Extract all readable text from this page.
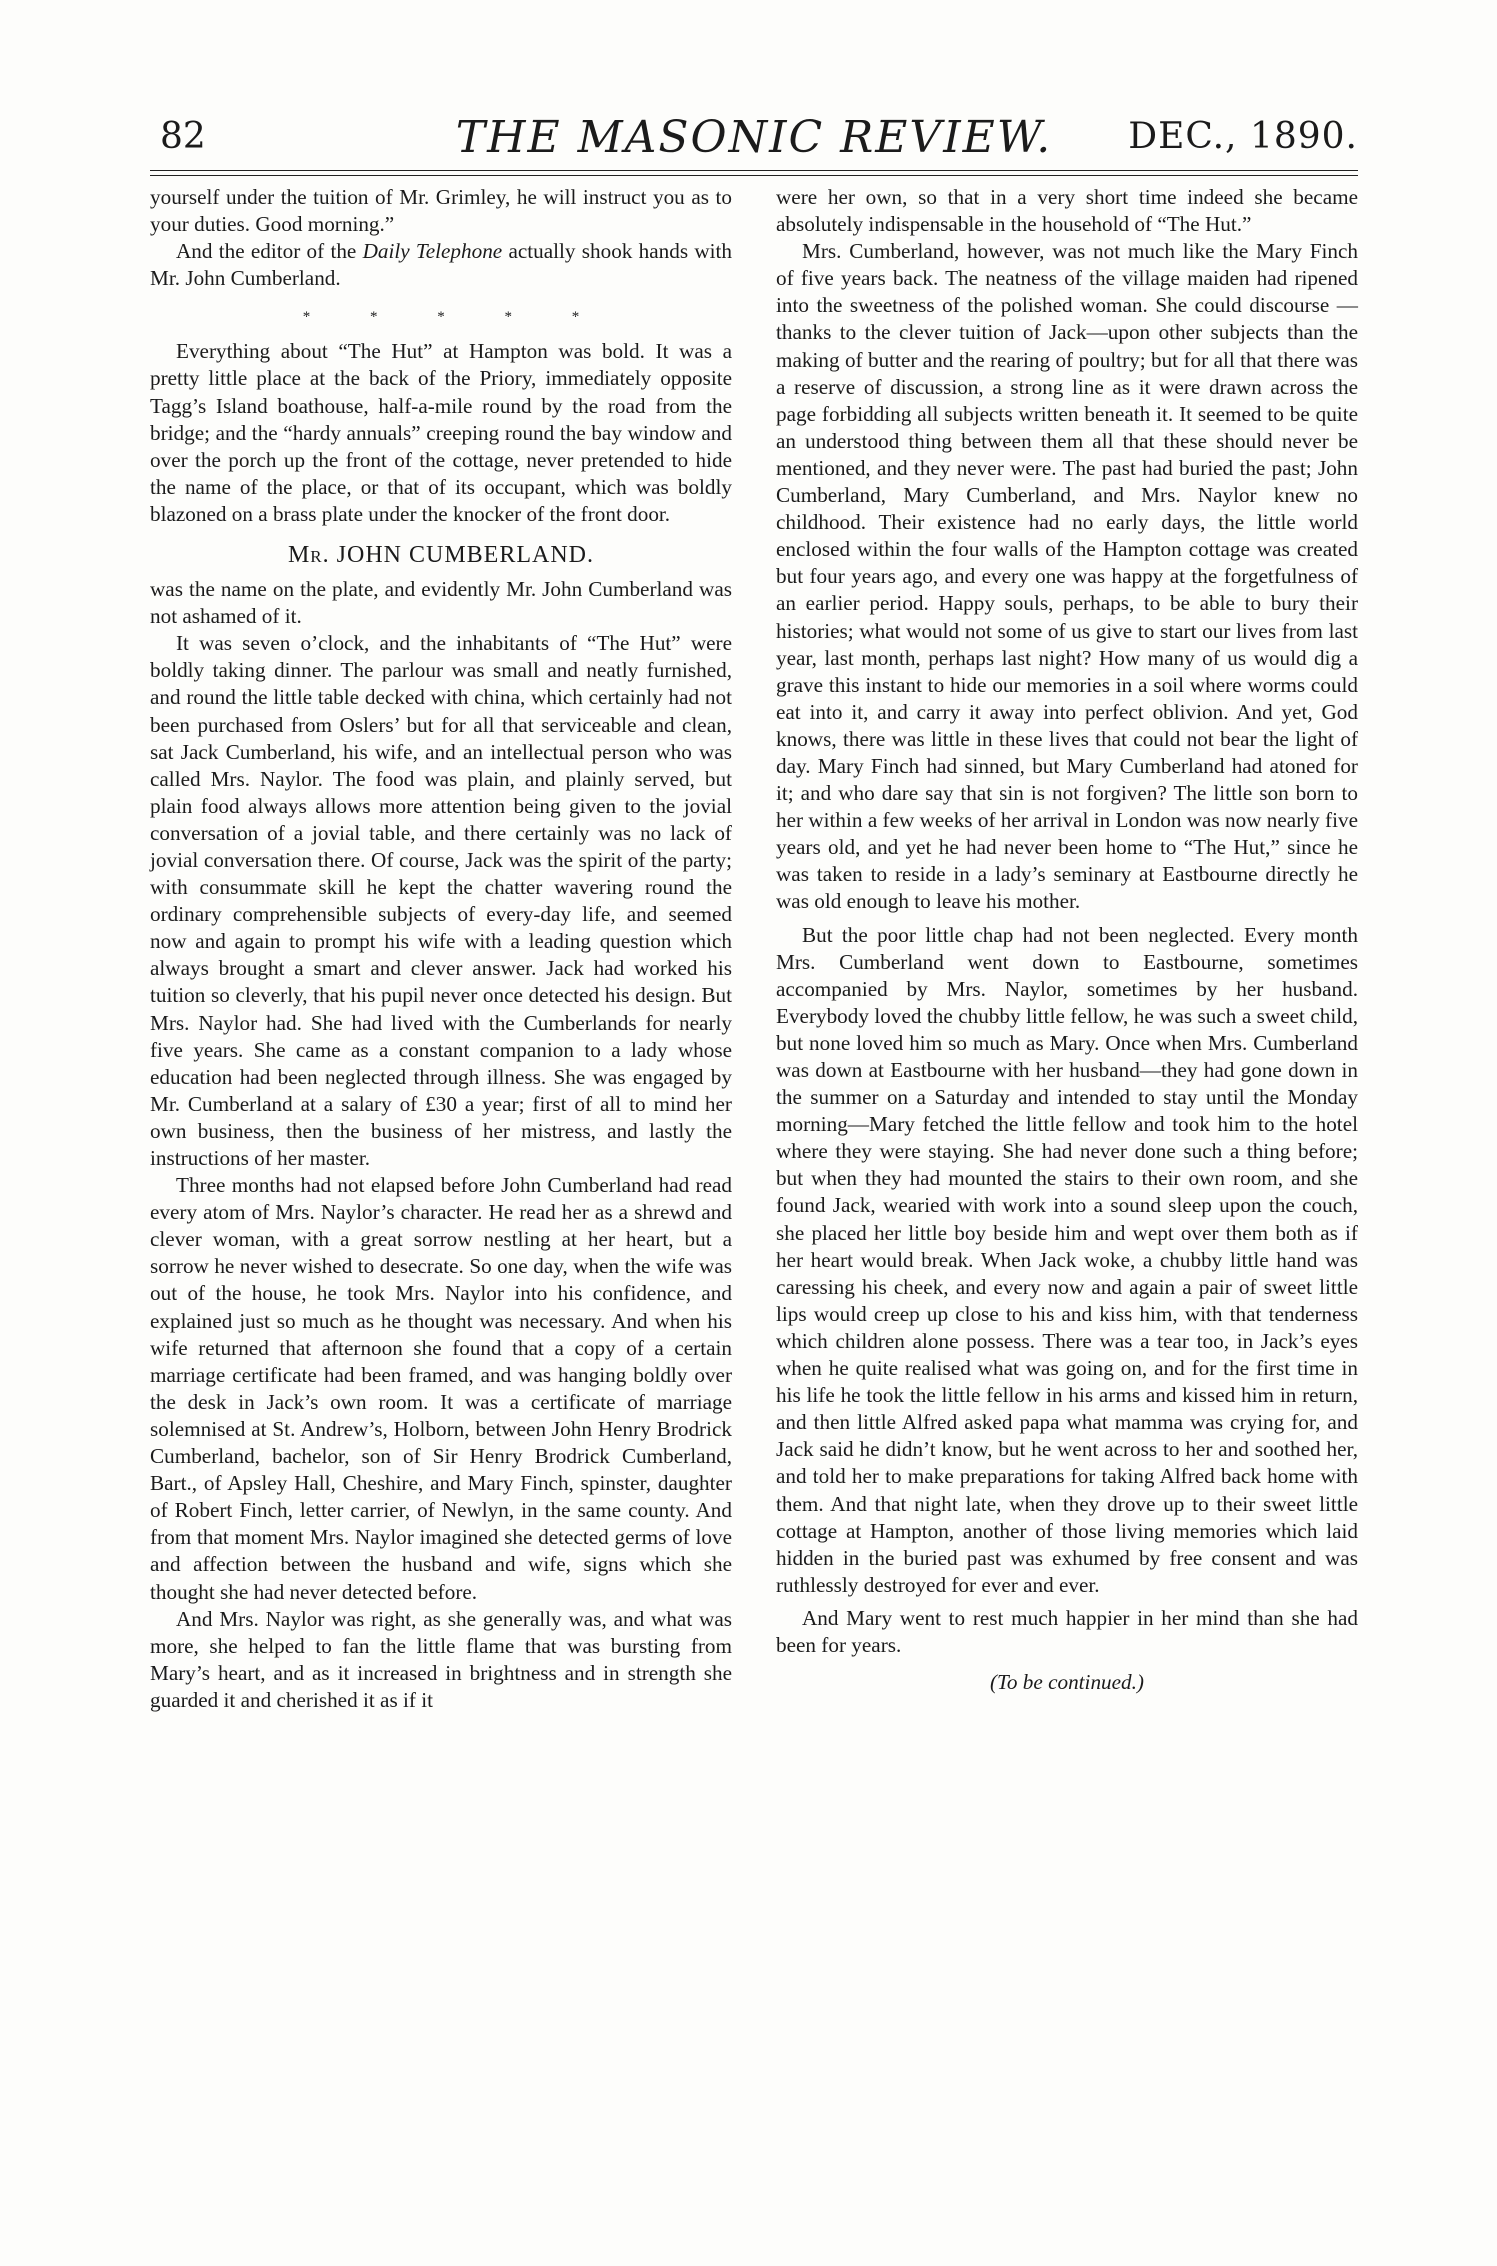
82	THE MASONIC REVIEW.	DEC., 1890.

yourself under the tuition of Mr. Grimley, he will instruct you as to your duties. Good morning.”

And the editor of the Daily Telephone actually shook hands with Mr. John Cumberland.

* * * * *

Everything about “The Hut” at Hampton was bold. It was a pretty little place at the back of the Priory, immediately opposite Tagg’s Island boathouse, half-a-mile round by the road from the bridge; and the “hardy annuals” creeping round the bay window and over the porch up the front of the cottage, never pretended to hide the name of the place, or that of its occupant, which was boldly blazoned on a brass plate under the knocker of the front door.

Mr. JOHN CUMBERLAND.

was the name on the plate, and evidently Mr. John Cumberland was not ashamed of it.

It was seven o’clock, and the inhabitants of “The Hut” were boldly taking dinner. The parlour was small and neatly furnished, and round the little table decked with china, which certainly had not been purchased from Oslers’ but for all that serviceable and clean, sat Jack Cumberland, his wife, and an intellectual person who was called Mrs. Naylor. The food was plain, and plainly served, but plain food always allows more attention being given to the jovial conversation of a jovial table, and there certainly was no lack of jovial conversation there. Of course, Jack was the spirit of the party; with consummate skill he kept the chatter wavering round the ordinary comprehensible subjects of every-day life, and seemed now and again to prompt his wife with a leading question which always brought a smart and clever answer. Jack had worked his tuition so cleverly, that his pupil never once detected his design. But Mrs. Naylor had. She had lived with the Cumberlands for nearly five years. She came as a constant companion to a lady whose education had been neglected through illness. She was engaged by Mr. Cumberland at a salary of £30 a year; first of all to mind her own business, then the business of her mistress, and lastly the instructions of her master.

Three months had not elapsed before John Cumberland had read every atom of Mrs. Naylor’s character. He read her as a shrewd and clever woman, with a great sorrow nestling at her heart, but a sorrow he never wished to desecrate. So one day, when the wife was out of the house, he took Mrs. Naylor into his confidence, and explained just so much as he thought was necessary. And when his wife returned that afternoon she found that a copy of a certain marriage certificate had been framed, and was hanging boldly over the desk in Jack’s own room. It was a certificate of marriage solemnised at St. Andrew’s, Holborn, between John Henry Brodrick Cumberland, bachelor, son of Sir Henry Brodrick Cumberland, Bart., of Apsley Hall, Cheshire, and Mary Finch, spinster, daughter of Robert Finch, letter carrier, of Newlyn, in the same county. And from that moment Mrs. Naylor imagined she detected germs of love and affection between the husband and wife, signs which she thought she had never detected before.

And Mrs. Naylor was right, as she generally was, and what was more, she helped to fan the little flame that was bursting from Mary’s heart, and as it increased in brightness and in strength she guarded it and cherished it as if it

were her own, so that in a very short time indeed she became absolutely indispensable in the household of “The Hut.”

Mrs. Cumberland, however, was not much like the Mary Finch of five years back. The neatness of the village maiden had ripened into the sweetness of the polished woman. She could discourse — thanks to the clever tuition of Jack—upon other subjects than the making of butter and the rearing of poultry; but for all that there was a reserve of discussion, a strong line as it were drawn across the page forbidding all subjects written beneath it. It seemed to be quite an understood thing between them all that these should never be mentioned, and they never were. The past had buried the past; John Cumberland, Mary Cumberland, and Mrs. Naylor knew no childhood. Their existence had no early days, the little world enclosed within the four walls of the Hampton cottage was created but four years ago, and every one was happy at the forgetfulness of an earlier period. Happy souls, perhaps, to be able to bury their histories; what would not some of us give to start our lives from last year, last month, perhaps last night? How many of us would dig a grave this instant to hide our memories in a soil where worms could eat into it, and carry it away into perfect oblivion. And yet, God knows, there was little in these lives that could not bear the light of day. Mary Finch had sinned, but Mary Cumberland had atoned for it; and who dare say that sin is not forgiven? The little son born to her within a few weeks of her arrival in London was now nearly five years old, and yet he had never been home to “The Hut,” since he was taken to reside in a lady’s seminary at Eastbourne directly he was old enough to leave his mother.

But the poor little chap had not been neglected. Every month Mrs. Cumberland went down to Eastbourne, sometimes accompanied by Mrs. Naylor, sometimes by her husband. Everybody loved the chubby little fellow, he was such a sweet child, but none loved him so much as Mary. Once when Mrs. Cumberland was down at Eastbourne with her husband—they had gone down in the summer on a Saturday and intended to stay until the Monday morning—Mary fetched the little fellow and took him to the hotel where they were staying. She had never done such a thing before; but when they had mounted the stairs to their own room, and she found Jack, wearied with work into a sound sleep upon the couch, she placed her little boy beside him and wept over them both as if her heart would break. When Jack woke, a chubby little hand was caressing his cheek, and every now and again a pair of sweet little lips would creep up close to his and kiss him, with that tenderness which children alone possess. There was a tear too, in Jack’s eyes when he quite realised what was going on, and for the first time in his life he took the little fellow in his arms and kissed him in return, and then little Alfred asked papa what mamma was crying for, and Jack said he didn’t know, but he went across to her and soothed her, and told her to make preparations for taking Alfred back home with them. And that night late, when they drove up to their sweet little cottage at Hampton, another of those living memories which laid hidden in the buried past was exhumed by free consent and was ruthlessly destroyed for ever and ever.

And Mary went to rest much happier in her mind than she had been for years.

(To be continued.)
